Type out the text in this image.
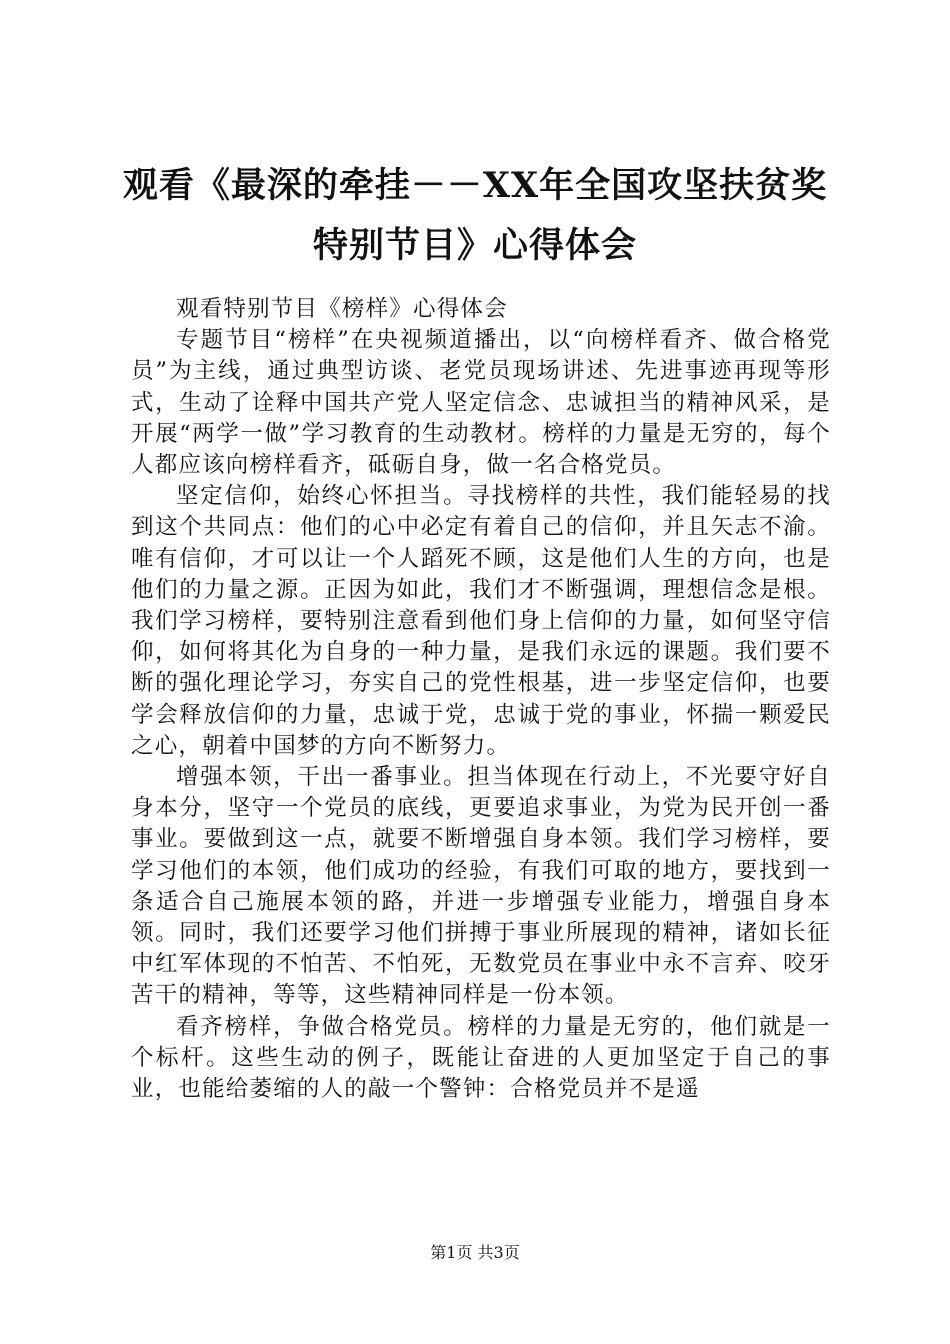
观看《最深的牵挂－－XX年全国攻坚扶贫奖
特别节目》心得体会

观看特别节目《榜样》心得体会

专题节目“榜样”在央视频道播出，以“向榜样看齐、做合格党员”为主线，通过典型访谈、老党员现场讲述、先进事迹再现等形式，生动了诠释中国共产党人坚定信念、忠诚担当的精神风采，是开展“两学一做”学习教育的生动教材。榜样的力量是无穷的，每个人都应该向榜样看齐，砥砺自身，做一名合格党员。

坚定信仰，始终心怀担当。寻找榜样的共性，我们能轻易的找到这个共同点：他们的心中必定有着自己的信仰，并且矢志不渝。唯有信仰，才可以让一个人蹈死不顾，这是他们人生的方向，也是他们的力量之源。正因为如此，我们才不断强调，理想信念是根。我们学习榜样，要特别注意看到他们身上信仰的力量，如何坚守信仰，如何将其化为自身的一种力量，是我们永远的课题。我们要不断的强化理论学习，夯实自己的党性根基，进一步坚定信仰，也要学会释放信仰的力量，忠诚于党，忠诚于党的事业，怀揣一颗爱民之心，朝着中国梦的方向不断努力。

增强本领，干出一番事业。担当体现在行动上，不光要守好自身本分，坚守一个党员的底线，更要追求事业，为党为民开创一番事业。要做到这一点，就要不断增强自身本领。我们学习榜样，要学习他们的本领，他们成功的经验，有我们可取的地方，要找到一条适合自己施展本领的路，并进一步增强专业能力，增强自身本领。同时，我们还要学习他们拼搏于事业所展现的精神，诸如长征中红军体现的不怕苦、不怕死，无数党员在事业中永不言弃、咬牙苦干的精神，等等，这些精神同样是一份本领。

看齐榜样，争做合格党员。榜样的力量是无穷的，他们就是一个标杆。这些生动的例子，既能让奋进的人更加坚定于自己的事业，也能给萎缩的人的敲一个警钟：合格党员并不是遥

第1页 共3页
